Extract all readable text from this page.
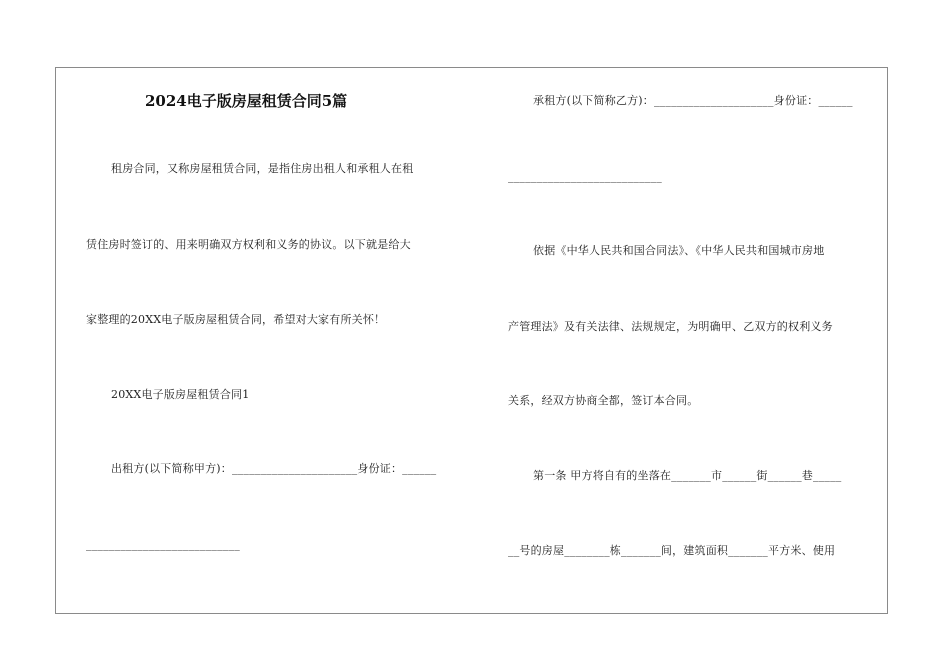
2024电子版房屋租赁合同5篇
租房合同，又称房屋租赁合同，是指住房出租人和承租人在租
赁住房时签订的、用来明确双方权利和义务的协议。以下就是给大
家整理的20XX电子版房屋租赁合同，希望对大家有所关怀！
20XX电子版房屋租赁合同1
出租方(以下简称甲方)：______________________身份证：______
___________________________
承租方(以下简称乙方)：_____________________身份证：______
___________________________
依据《中华人民共和国合同法》、《中华人民共和国城市房地
产管理法》及有关法律、法规规定，为明确甲、乙双方的权利义务
关系，经双方协商全都，签订本合同。
第一条 甲方将自有的坐落在_______市______街______巷_____
__号的房屋________栋_______间，建筑面积_______平方米、使用
